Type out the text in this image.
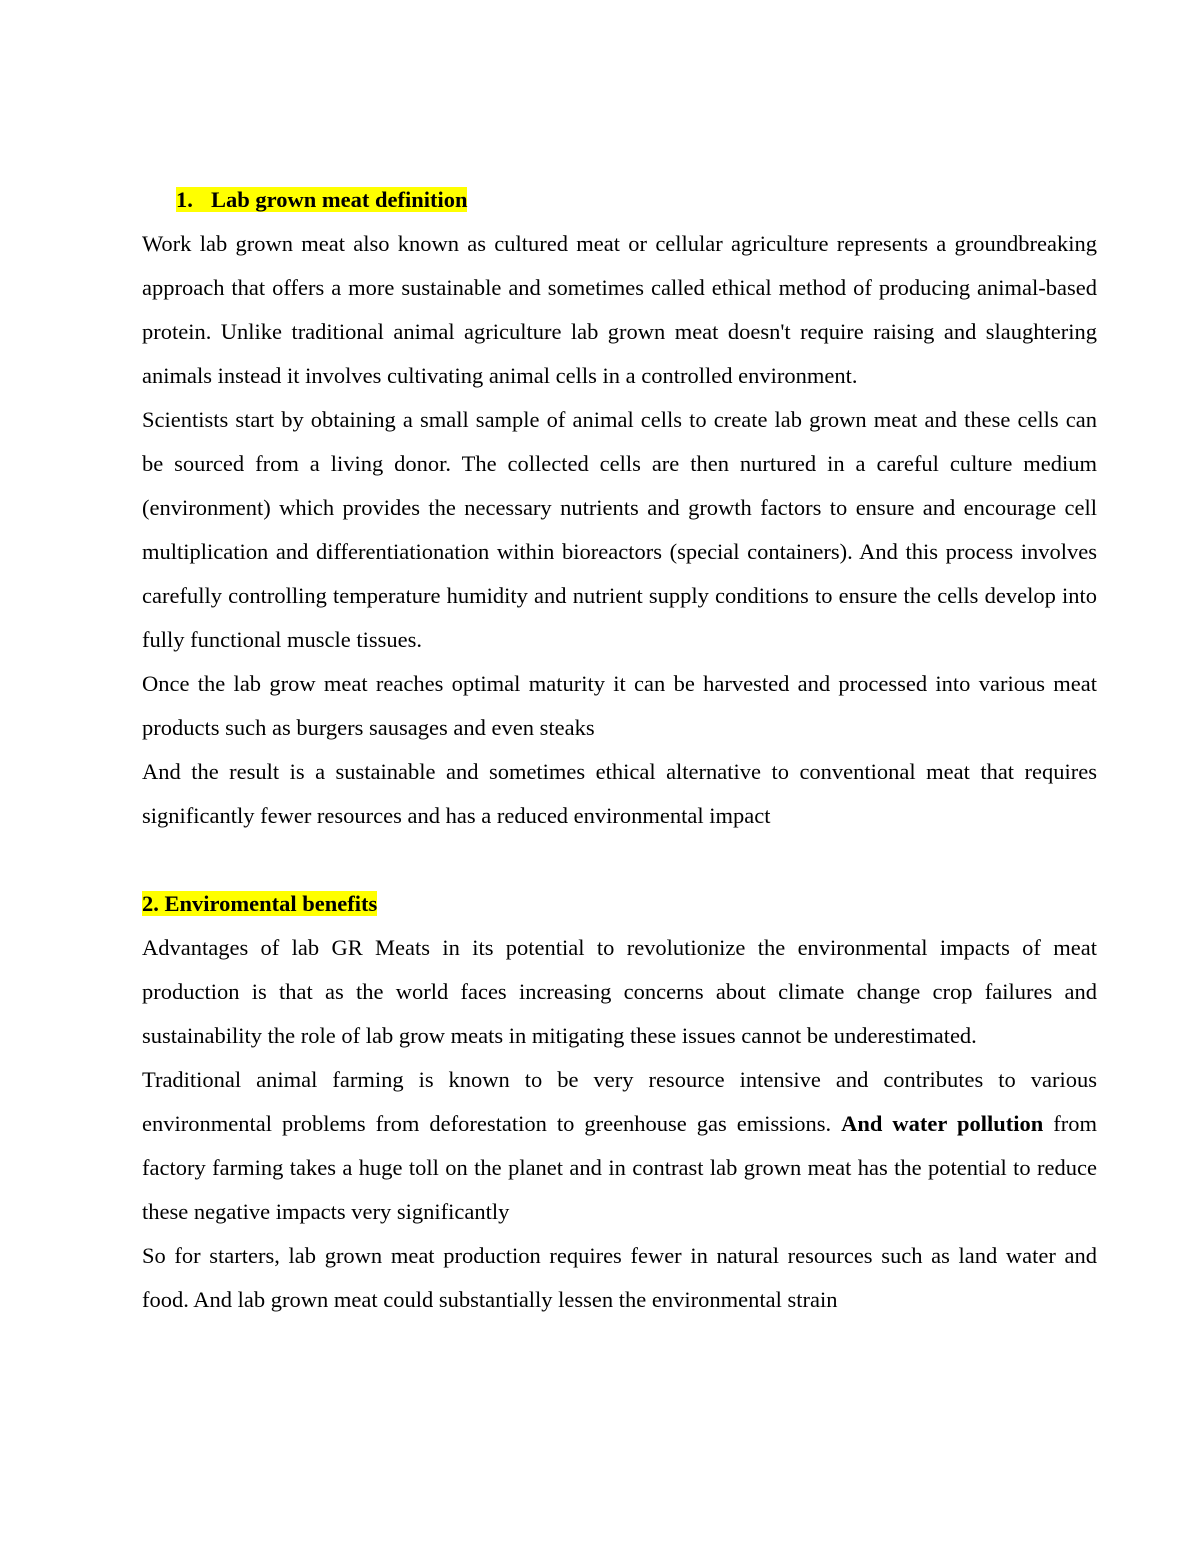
1. Lab grown meat definition

Work lab grown meat also known as cultured meat or cellular agriculture represents a groundbreaking approach that offers a more sustainable and sometimes called ethical method of producing animal-based protein. Unlike traditional animal agriculture lab grown meat doesn't require raising and slaughtering animals instead it involves cultivating animal cells in a controlled environment.

Scientists start by obtaining a small sample of animal cells to create lab grown meat and these cells can be sourced from a living donor. The collected cells are then nurtured in a careful culture medium (environment) which provides the necessary nutrients and growth factors to ensure and encourage cell multiplication and differentiationation within bioreactors (special containers). And this process involves carefully controlling temperature humidity and nutrient supply conditions to ensure the cells develop into fully functional muscle tissues.

Once the lab grow meat reaches optimal maturity it can be harvested and processed into various meat products such as burgers sausages and even steaks

And the result is a sustainable and sometimes ethical alternative to conventional meat that requires significantly fewer resources and has a reduced environmental impact

2. Enviromental benefits

Advantages of lab GR Meats in its potential to revolutionize the environmental impacts of meat production is that as the world faces increasing concerns about climate change crop failures and sustainability the role of lab grow meats in mitigating these issues cannot be underestimated.

Traditional animal farming is known to be very resource intensive and contributes to various environmental problems from deforestation to greenhouse gas emissions. And water pollution from factory farming takes a huge toll on the planet and in contrast lab grown meat has the potential to reduce these negative impacts very significantly

So for starters, lab grown meat production requires fewer in natural resources such as land water and food. And lab grown meat could substantially lessen the environmental strain
